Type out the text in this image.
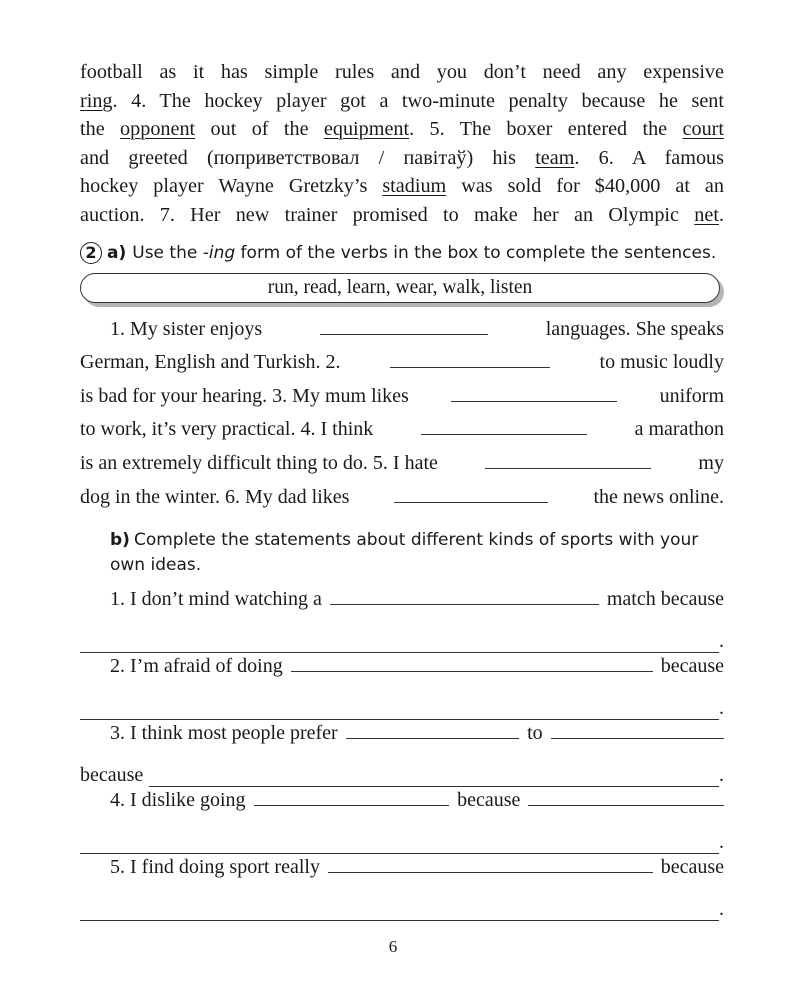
football as it has simple rules and you don’t need any expensive
ring. 4. The hockey player got a two-minute penalty because he sent
the opponent out of the equipment. 5. The boxer entered the court
and greeted (поприветствовал / павітаў) his team. 6. A famous
hockey player Wayne Gretzky’s stadium was sold for $40,000 at an
auction. 7. Her new trainer promised to make her an Olympic net.
2 a) Use the -ing form of the verbs in the box to complete the sentences.
run, read, learn, wear, walk, listen
1. My sister enjoys	languages. She speaks
German, English and Turkish. 2.	to music loudly
is bad for your hearing. 3. My mum likes	uniform
to work, it’s very practical. 4. I think	a marathon
is an extremely difficult thing to do. 5. I hate	my
dog in the winter. 6. My dad likes	the news online.
b) Complete the statements about different kinds of sports with your own ideas.
1. I don’t mind watching a	match because
.
2. I’m afraid of doing	because
.
3. I think most people prefer	to
because	.
4. I dislike going	because
.
5. I find doing sport really	because
.
6
